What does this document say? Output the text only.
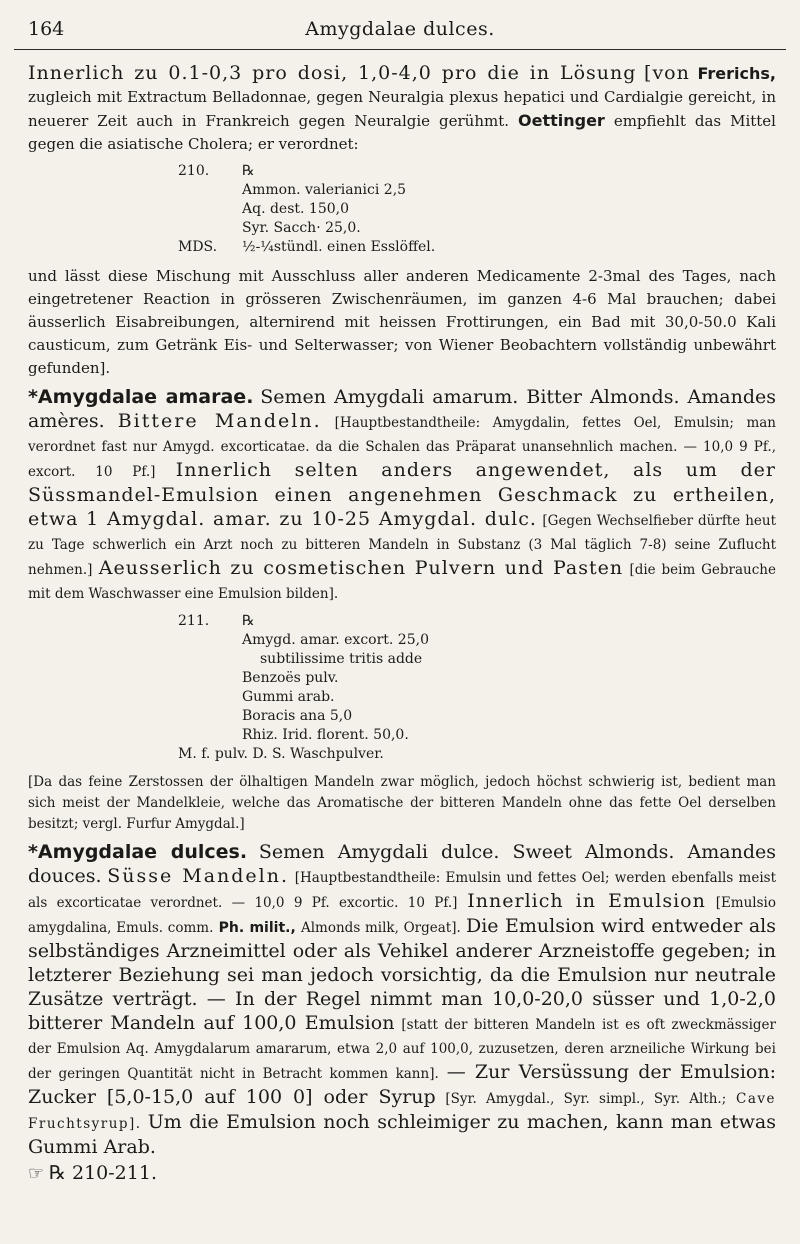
164	Amygdalae dulces.

Innerlich zu 0.1-0,3 pro dosi, 1,0-4,0 pro die in Lösung [von Frerichs, zugleich mit Extractum Belladonnae, gegen Neuralgia plexus hepatici und Cardialgie gereicht, in neuerer Zeit auch in Frankreich gegen Neuralgie gerühmt. Oettinger empfiehlt das Mittel gegen die asiatische Cholera; er verordnet:

210.	℞
Ammon. valerianici 2,5
Aq. dest. 150,0
Syr. Sacch· 25,0.
MDS.	½-¼stündl. einen Esslöffel.

und lässt diese Mischung mit Ausschluss aller anderen Medicamente 2-3mal des Tages, nach eingetretener Reaction in grösseren Zwischenräumen, im ganzen 4-6 Mal brauchen; dabei äusserlich Eisabreibungen, alternirend mit heissen Frottirungen, ein Bad mit 30,0-50.0 Kali causticum, zum Getränk Eis- und Selterwasser; von Wiener Beobachtern vollständig unbewährt gefunden].

*Amygdalae amarae. Semen Amygdali amarum. Bitter Almonds. Amandes amères. Bittere Mandeln. [Hauptbestandtheile: Amygdalin, fettes Oel, Emulsin; man verordnet fast nur Amygd. excorticatae. da die Schalen das Präparat unansehnlich machen. — 10,0 9 Pf., excort. 10 Pf.] Innerlich selten anders angewendet, als um der Süssmandel-Emulsion einen angenehmen Geschmack zu ertheilen, etwa 1 Amygdal. amar. zu 10-25 Amygdal. dulc. [Gegen Wechselfieber dürfte heut zu Tage schwerlich ein Arzt noch zu bitteren Mandeln in Substanz (3 Mal täglich 7-8) seine Zuflucht nehmen.] Aeusserlich zu cosmetischen Pulvern und Pasten [die beim Gebrauche mit dem Waschwasser eine Emulsion bilden].

211.	℞
Amygd. amar. excort. 25,0
subtilissime tritis adde
Benzoës pulv.
Gummi arab.
Boracis ana 5,0
Rhiz. Irid. florent. 50,0.
M. f. pulv. D. S. Waschpulver.

[Da das feine Zerstossen der ölhaltigen Mandeln zwar möglich, jedoch höchst schwierig ist, bedient man sich meist der Mandelkleie, welche das Aromatische der bitteren Mandeln ohne das fette Oel derselben besitzt; vergl. Furfur Amygdal.]

*Amygdalae dulces. Semen Amygdali dulce. Sweet Almonds. Amandes douces. Süsse Mandeln. [Hauptbestandtheile: Emulsin und fettes Oel; werden ebenfalls meist als excorticatae verordnet. — 10,0 9 Pf. excortic. 10 Pf.] Innerlich in Emulsion [Emulsio amygdalina, Emuls. comm. Ph. milit., Almonds milk, Orgeat]. Die Emulsion wird entweder als selbständiges Arzneimittel oder als Vehikel anderer Arzneistoffe gegeben; in letzterer Beziehung sei man jedoch vorsichtig, da die Emulsion nur neutrale Zusätze verträgt. — In der Regel nimmt man 10,0-20,0 süsser und 1,0-2,0 bitterer Mandeln auf 100,0 Emulsion [statt der bitteren Mandeln ist es oft zweckmässiger der Emulsion Aq. Amygdalarum amararum, etwa 2,0 auf 100,0, zuzusetzen, deren arzneiliche Wirkung bei der geringen Quantität nicht in Betracht kommen kann]. — Zur Versüssung der Emulsion: Zucker [5,0-15,0 auf 100 0] oder Syrup [Syr. Amygdal., Syr. simpl., Syr. Alth.; Cave Fruchtsyrup]. Um die Emulsion noch schleimiger zu machen, kann man etwas Gummi Arab.

☞ ℞ 210-211.
